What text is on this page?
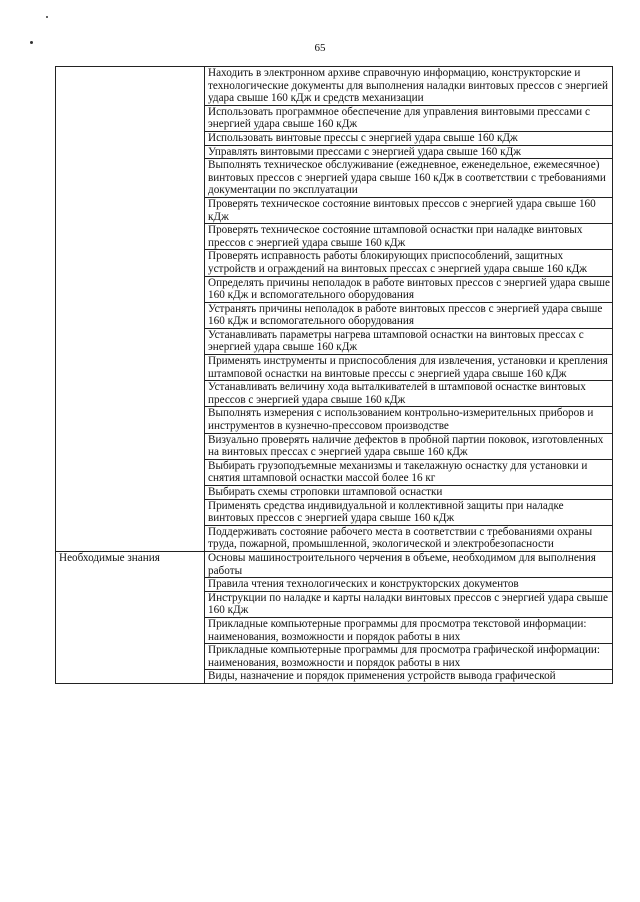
65
	Находить в электронном архиве справочную информацию, конструкторские и технологические документы для выполнения наладки винтовых прессов с энергией удара свыше 160 кДж и средств механизации
	Использовать программное обеспечение для управления винтовыми прессами с энергией удара свыше 160 кДж
	Использовать винтовые прессы с энергией удара свыше 160 кДж
	Управлять винтовыми прессами с энергией удара свыше 160 кДж
	Выполнять техническое обслуживание (ежедневное, еженедельное, ежемесячное) винтовых прессов с энергией удара свыше 160 кДж в соответствии с требованиями документации по эксплуатации
	Проверять техническое состояние винтовых прессов с энергией удара свыше 160 кДж
	Проверять техническое состояние штамповой оснастки при наладке винтовых прессов с энергией удара свыше 160 кДж
	Проверять исправность работы блокирующих приспособлений, защитных устройств и ограждений на винтовых прессах с энергией удара свыше 160 кДж
	Определять причины неполадок в работе винтовых прессов с энергией удара свыше 160 кДж и вспомогательного оборудования
	Устранять причины неполадок в работе винтовых прессов с энергией удара свыше 160 кДж и вспомогательного оборудования
	Устанавливать параметры нагрева штамповой оснастки на винтовых прессах с энергией удара свыше 160 кДж
	Применять инструменты и приспособления для извлечения, установки и крепления штамповой оснастки на винтовые прессы с энергией удара свыше 160 кДж
	Устанавливать величину хода выталкивателей в штамповой оснастке винтовых прессов с энергией удара свыше 160 кДж
	Выполнять измерения с использованием контрольно-измерительных приборов и инструментов в кузнечно-прессовом производстве
	Визуально проверять наличие дефектов в пробной партии поковок, изготовленных на винтовых прессах с энергией удара свыше 160 кДж
	Выбирать грузоподъемные механизмы и такелажную оснастку для установки и снятия штамповой оснастки массой более 16 кг
	Выбирать схемы строповки штамповой оснастки
	Применять средства индивидуальной и коллективной защиты при наладке винтовых прессов с энергией удара свыше 160 кДж
	Поддерживать состояние рабочего места в соответствии с требованиями охраны труда, пожарной, промышленной, экологической и электробезопасности
Необходимые знания	Основы машиностроительного черчения в объеме, необходимом для выполнения работы
	Правила чтения технологических и конструкторских документов
	Инструкции по наладке и карты наладки винтовых прессов с энергией удара свыше 160 кДж
	Прикладные компьютерные программы для просмотра текстовой информации: наименования, возможности и порядок работы в них
	Прикладные компьютерные программы для просмотра графической информации: наименования, возможности и порядок работы в них
	Виды, назначение и порядок применения устройств вывода графической
